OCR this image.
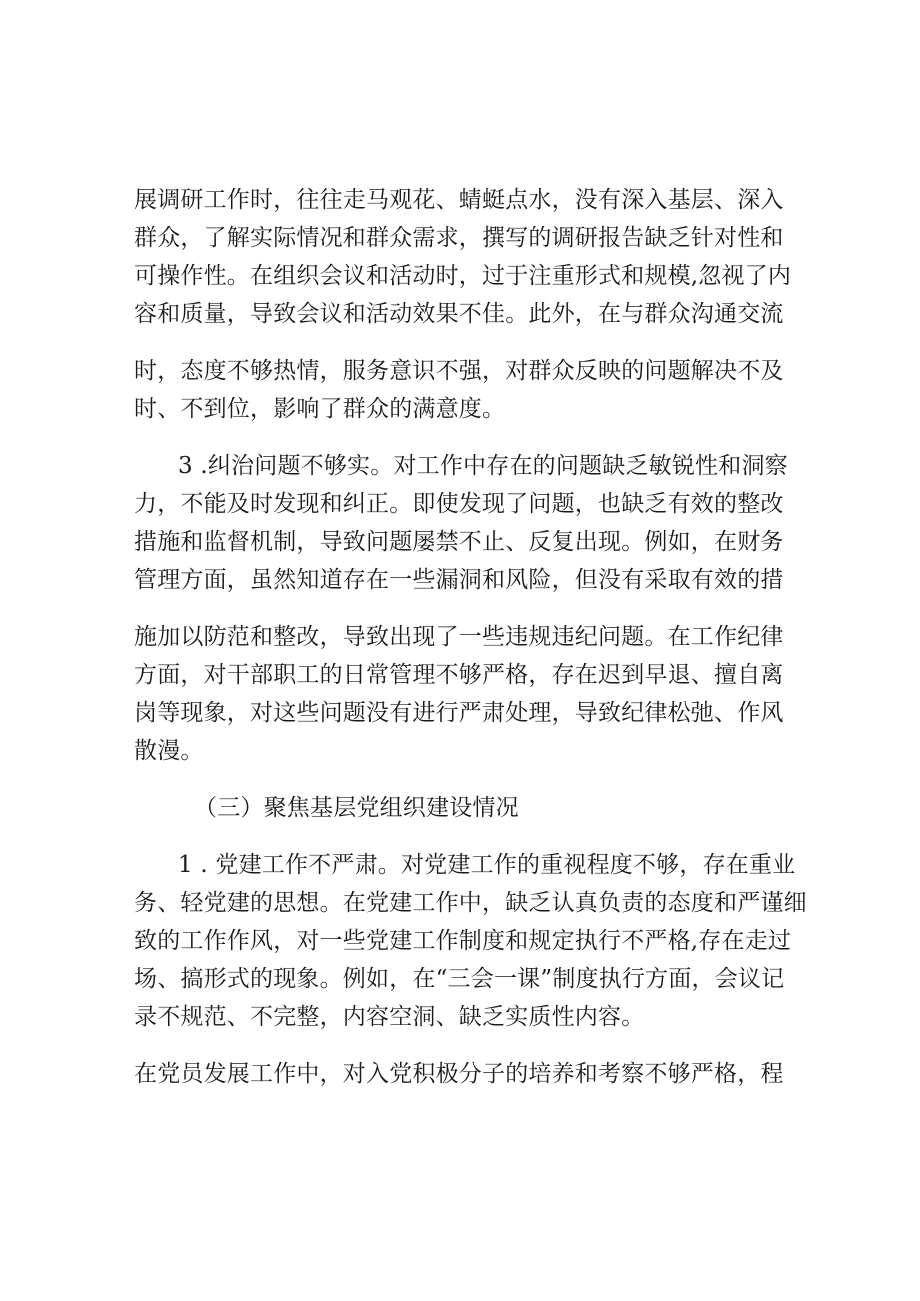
展调研工作时，往往走马观花、蜻蜓点水，没有深入基层、深入
群众，了解实际情况和群众需求，撰写的调研报告缺乏针对性和
可操作性。在组织会议和活动时，过于注重形式和规模,忽视了内
容和质量，导致会议和活动效果不佳。此外，在与群众沟通交流
时，态度不够热情，服务意识不强，对群众反映的问题解决不及
时、不到位，影响了群众的满意度。
3 .纠治问题不够实。对工作中存在的问题缺乏敏锐性和洞察
力，不能及时发现和纠正。即使发现了问题，也缺乏有效的整改
措施和监督机制，导致问题屡禁不止、反复出现。例如，在财务
管理方面，虽然知道存在一些漏洞和风险，但没有采取有效的措
施加以防范和整改，导致出现了一些违规违纪问题。在工作纪律
方面，对干部职工的日常管理不够严格，存在迟到早退、擅自离
岗等现象，对这些问题没有进行严肃处理，导致纪律松弛、作风
散漫。
（三）聚焦基层党组织建设情况
1 . 党建工作不严肃。对党建工作的重视程度不够，存在重业
务、轻党建的思想。在党建工作中，缺乏认真负责的态度和严谨细
致的工作作风，对一些党建工作制度和规定执行不严格,存在走过
场、搞形式的现象。例如，在“三会一课”制度执行方面，会议记
录不规范、不完整，内容空洞、缺乏实质性内容。
在党员发展工作中，对入党积极分子的培养和考察不够严格，程
